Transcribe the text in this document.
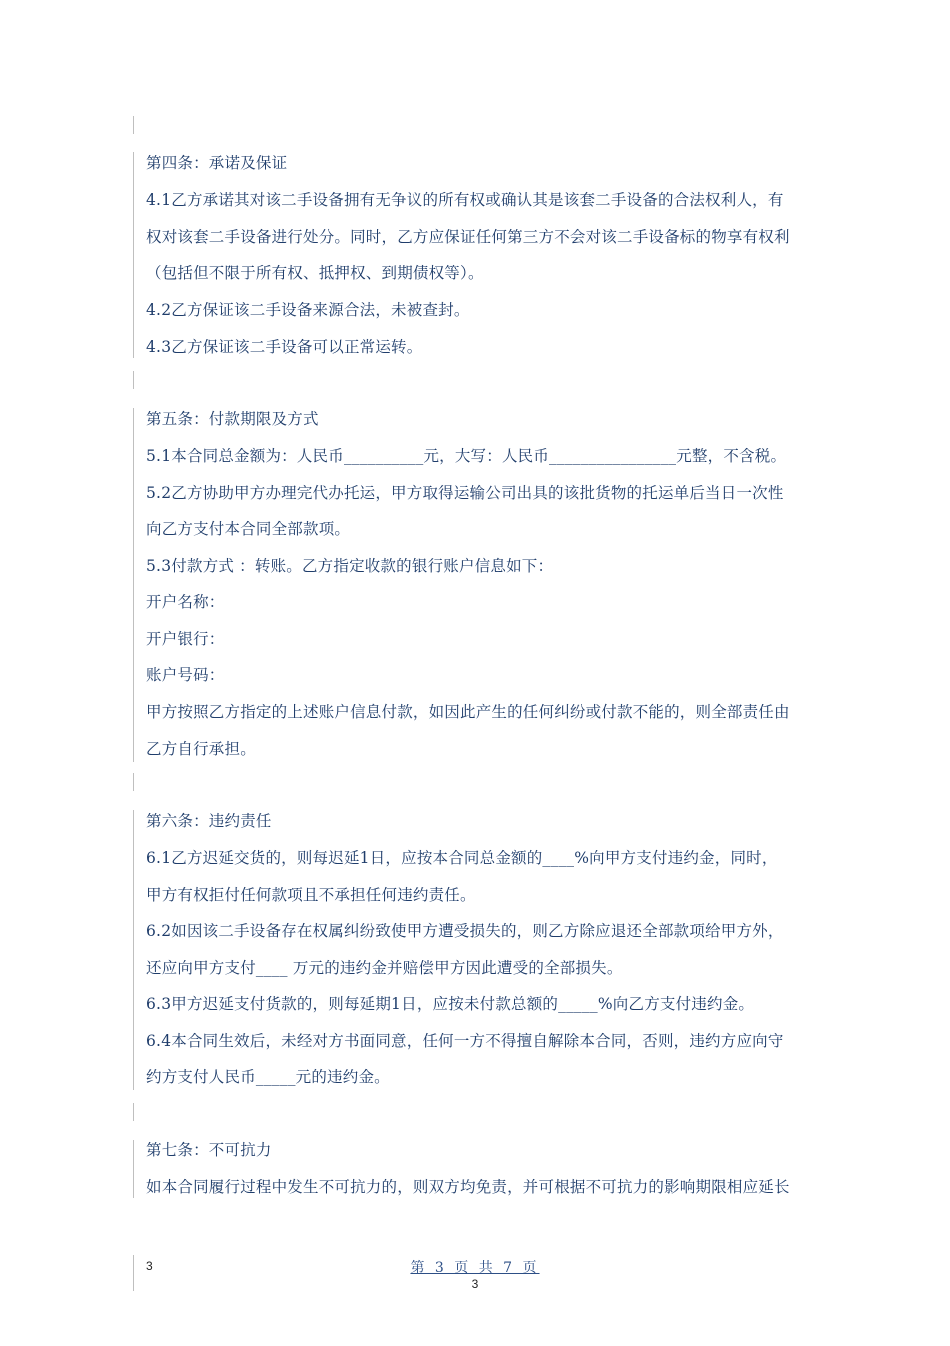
第四条：承诺及保证
4.1乙方承诺其对该二手设备拥有无争议的所有权或确认其是该套二手设备的合法权利人，有
权对该套二手设备进行处分。同时，乙方应保证任何第三方不会对该二手设备标的物享有权利
（包括但不限于所有权、抵押权、到期债权等）。
4.2乙方保证该二手设备来源合法，未被查封。
4.3乙方保证该二手设备可以正常运转。
第五条：付款期限及方式
5.1本合同总金额为：人民币__________元，大写：人民币________________元整，不含税。
5.2乙方协助甲方办理完代办托运，甲方取得运输公司出具的该批货物的托运单后当日一次性
向乙方支付本合同全部款项。
5.3付款方式 ：转账。乙方指定收款的银行账户信息如下：
开户名称：
开户银行：
账户号码：
甲方按照乙方指定的上述账户信息付款，如因此产生的任何纠纷或付款不能的，则全部责任由
乙方自行承担。
第六条：违约责任
6.1乙方迟延交货的，则每迟延1日，应按本合同总金额的____%向甲方支付违约金，同时，
甲方有权拒付任何款项且不承担任何违约责任。
6.2如因该二手设备存在权属纠纷致使甲方遭受损失的，则乙方除应退还全部款项给甲方外，
还应向甲方支付____ 万元的违约金并赔偿甲方因此遭受的全部损失。
6.3甲方迟延支付货款的，则每延期1日，应按未付款总额的_____%向乙方支付违约金。
6.4本合同生效后，未经对方书面同意，任何一方不得擅自解除本合同，否则，违约方应向守
约方支付人民币_____元的违约金。
第七条：不可抗力
如本合同履行过程中发生不可抗力的，则双方均免责，并可根据不可抗力的影响期限相应延长
3	第 3 页 共 7 页
3
